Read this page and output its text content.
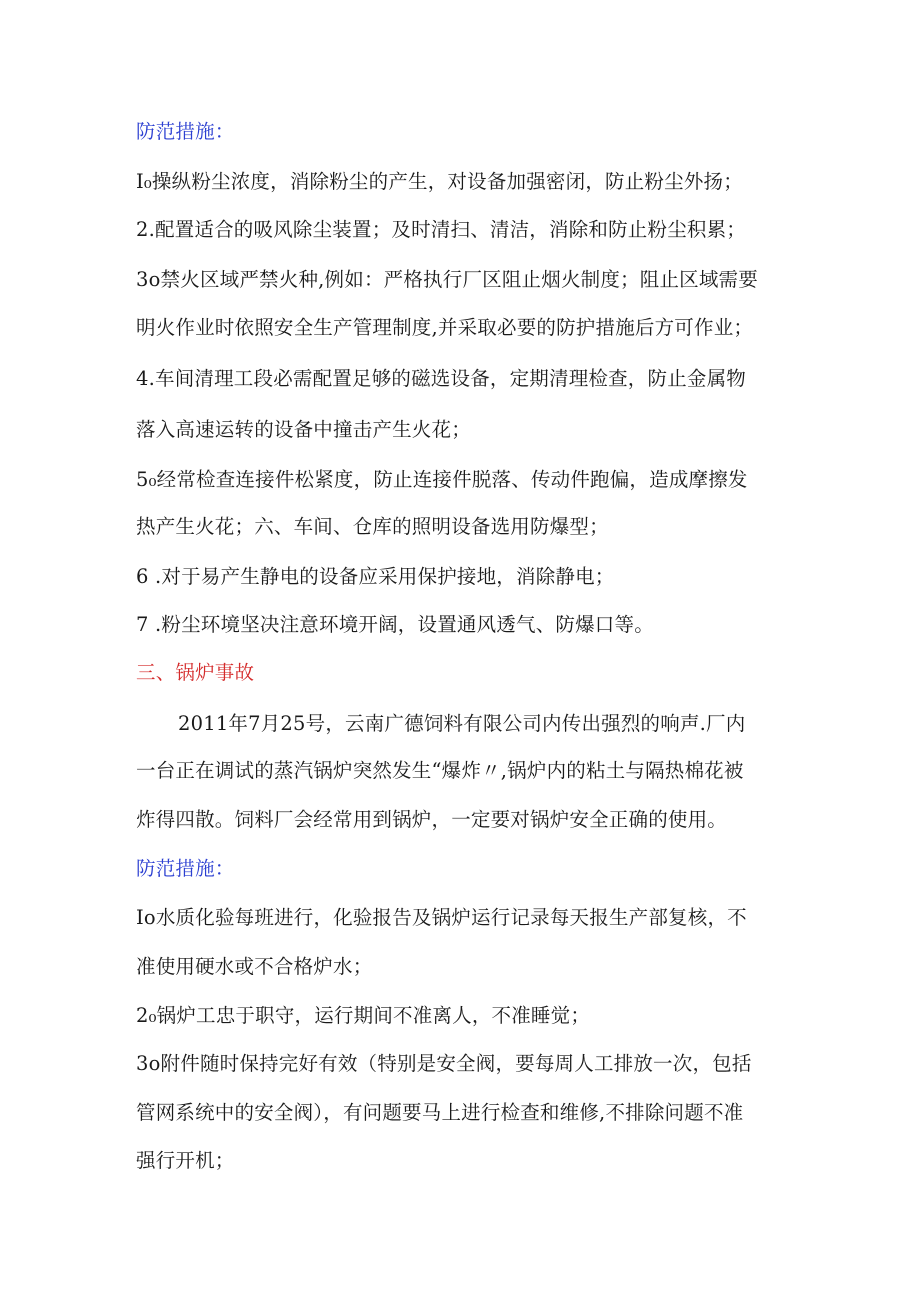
防范措施：
I₀操纵粉尘浓度，消除粉尘的产生，对设备加强密闭，防止粉尘外扬；
2.配置适合的吸风除尘装置；及时清扫、清洁，消除和防止粉尘积累；
3o禁火区域严禁火种,例如：严格执行厂区阻止烟火制度；阻止区域需要
明火作业时依照安全生产管理制度,并采取必要的防护措施后方可作业；
4.车间清理工段必需配置足够的磁选设备，定期清理检查，防止金属物
落入高速运转的设备中撞击产生火花；
5₀经常检查连接件松紧度，防止连接件脱落、传动件跑偏，造成摩擦发
热产生火花；六、车间、仓库的照明设备选用防爆型；
6 .对于易产生静电的设备应采用保护接地，消除静电；
7 .粉尘环境坚决注意环境开阔，设置通风透气、防爆口等。
三、锅炉事故
2011年7月25号，云南广德饲料有限公司内传出强烈的响声.厂内
一台正在调试的蒸汽锅炉突然发生“爆炸〃,锅炉内的粘土与隔热棉花被
炸得四散。饲料厂会经常用到锅炉，一定要对锅炉安全正确的使用。
防范措施：
Io水质化验每班进行，化验报告及锅炉运行记录每天报生产部复核，不
准使用硬水或不合格炉水；
2₀锅炉工忠于职守，运行期间不准离人，不准睡觉；
3o附件随时保持完好有效（特别是安全阀，要每周人工排放一次，包括
管网系统中的安全阀），有问题要马上进行检查和维修,不排除问题不准
强行开机；
